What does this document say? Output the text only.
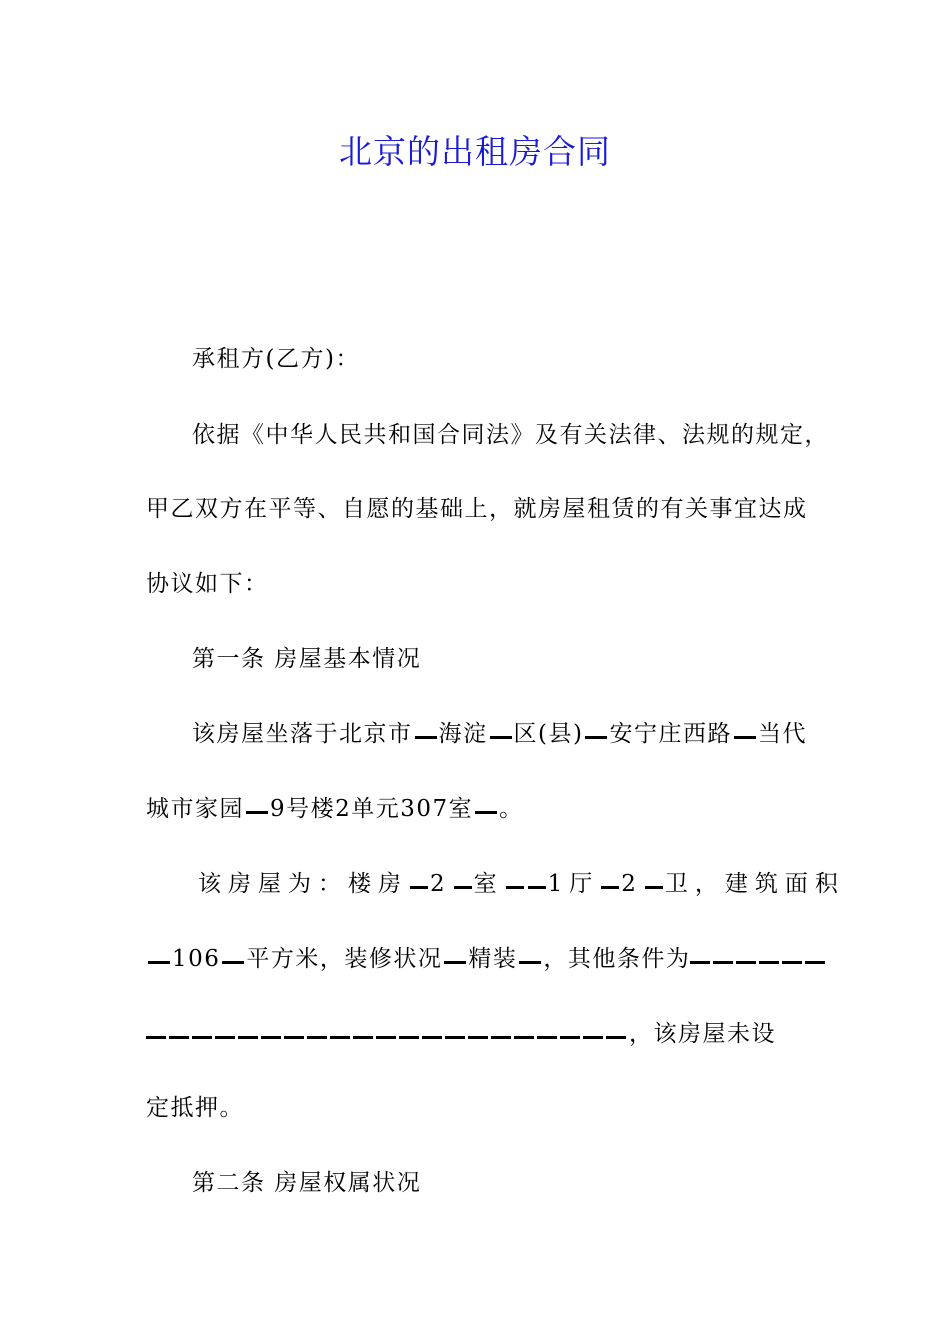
北京的出租房合同
承租方(乙方)：
依据《中华人民共和国合同法》及有关法律、法规的规定，
甲乙双方在平等、自愿的基础上，就房屋租赁的有关事宜达成
协议如下：
第一条 房屋基本情况
该房屋坐落于北京市 海淀 区(县) 安宁庄西路 当代
城市家园 9号楼2单元307室 。
该房屋为：楼房 2 室 1厅 2 卫，建筑面积
106 平方米，装修状况 精装 ，其他条件为
，该房屋未设
定抵押。
第二条 房屋权属状况
